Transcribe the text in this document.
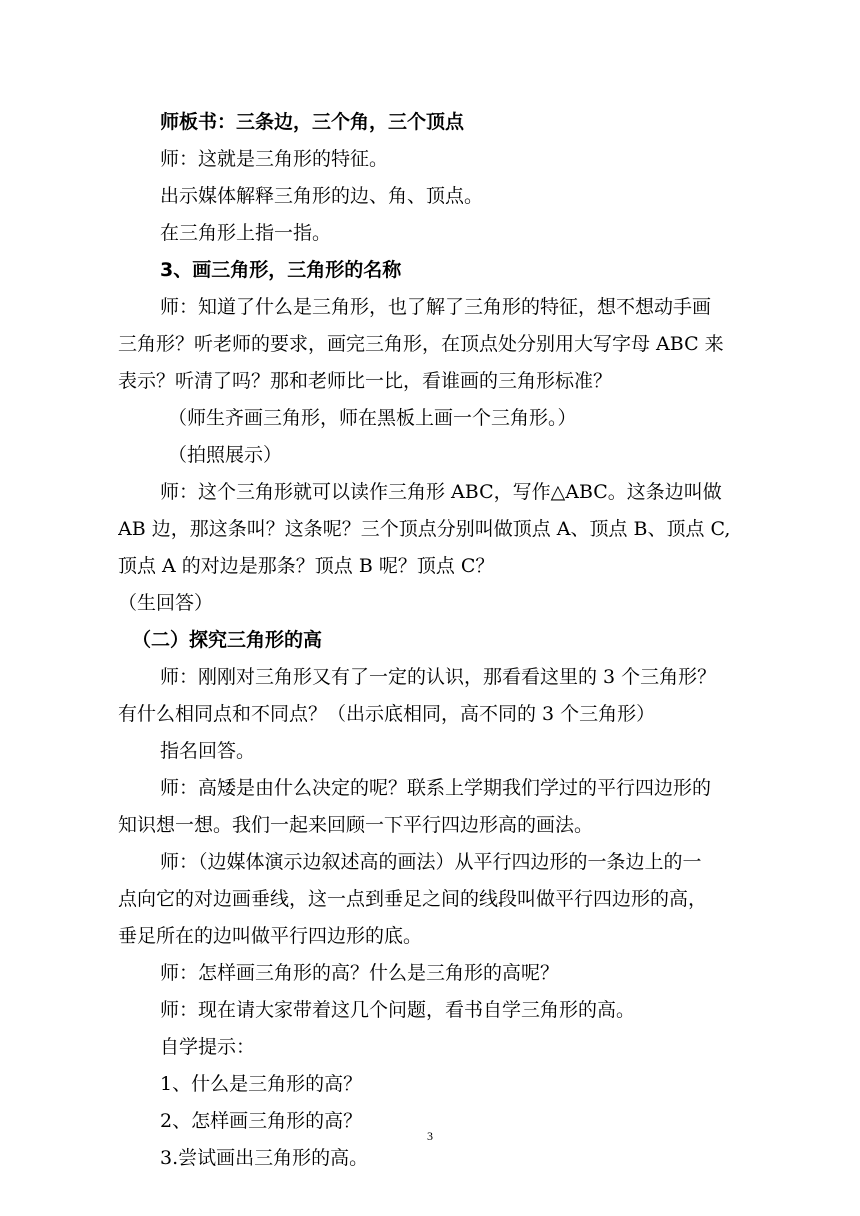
师板书：三条边，三个角，三个顶点
师：这就是三角形的特征。
出示媒体解释三角形的边、角、顶点。
在三角形上指一指。
3、画三角形，三角形的名称
师：知道了什么是三角形，也了解了三角形的特征，想不想动手画
三角形？听老师的要求，画完三角形，在顶点处分别用大写字母 ABC 来
表示？听清了吗？那和老师比一比，看谁画的三角形标准？
（师生齐画三角形，师在黑板上画一个三角形。）
（拍照展示）
师：这个三角形就可以读作三角形 ABC，写作△ABC。这条边叫做
AB 边，那这条叫？这条呢？三个顶点分别叫做顶点 A、顶点 B、顶点 C,
顶点 A 的对边是那条？顶点 B 呢？顶点 C？
（生回答）
（二）探究三角形的高
师：刚刚对三角形又有了一定的认识，那看看这里的 3 个三角形？
有什么相同点和不同点？（出示底相同，高不同的 3 个三角形）
指名回答。
师：高矮是由什么决定的呢？联系上学期我们学过的平行四边形的
知识想一想。我们一起来回顾一下平行四边形高的画法。
师：（边媒体演示边叙述高的画法）从平行四边形的一条边上的一
点向它的对边画垂线，这一点到垂足之间的线段叫做平行四边形的高，
垂足所在的边叫做平行四边形的底。
师：怎样画三角形的高？什么是三角形的高呢？
师：现在请大家带着这几个问题，看书自学三角形的高。
自学提示：
1、什么是三角形的高？
2、怎样画三角形的高？
3.尝试画出三角形的高。
3
